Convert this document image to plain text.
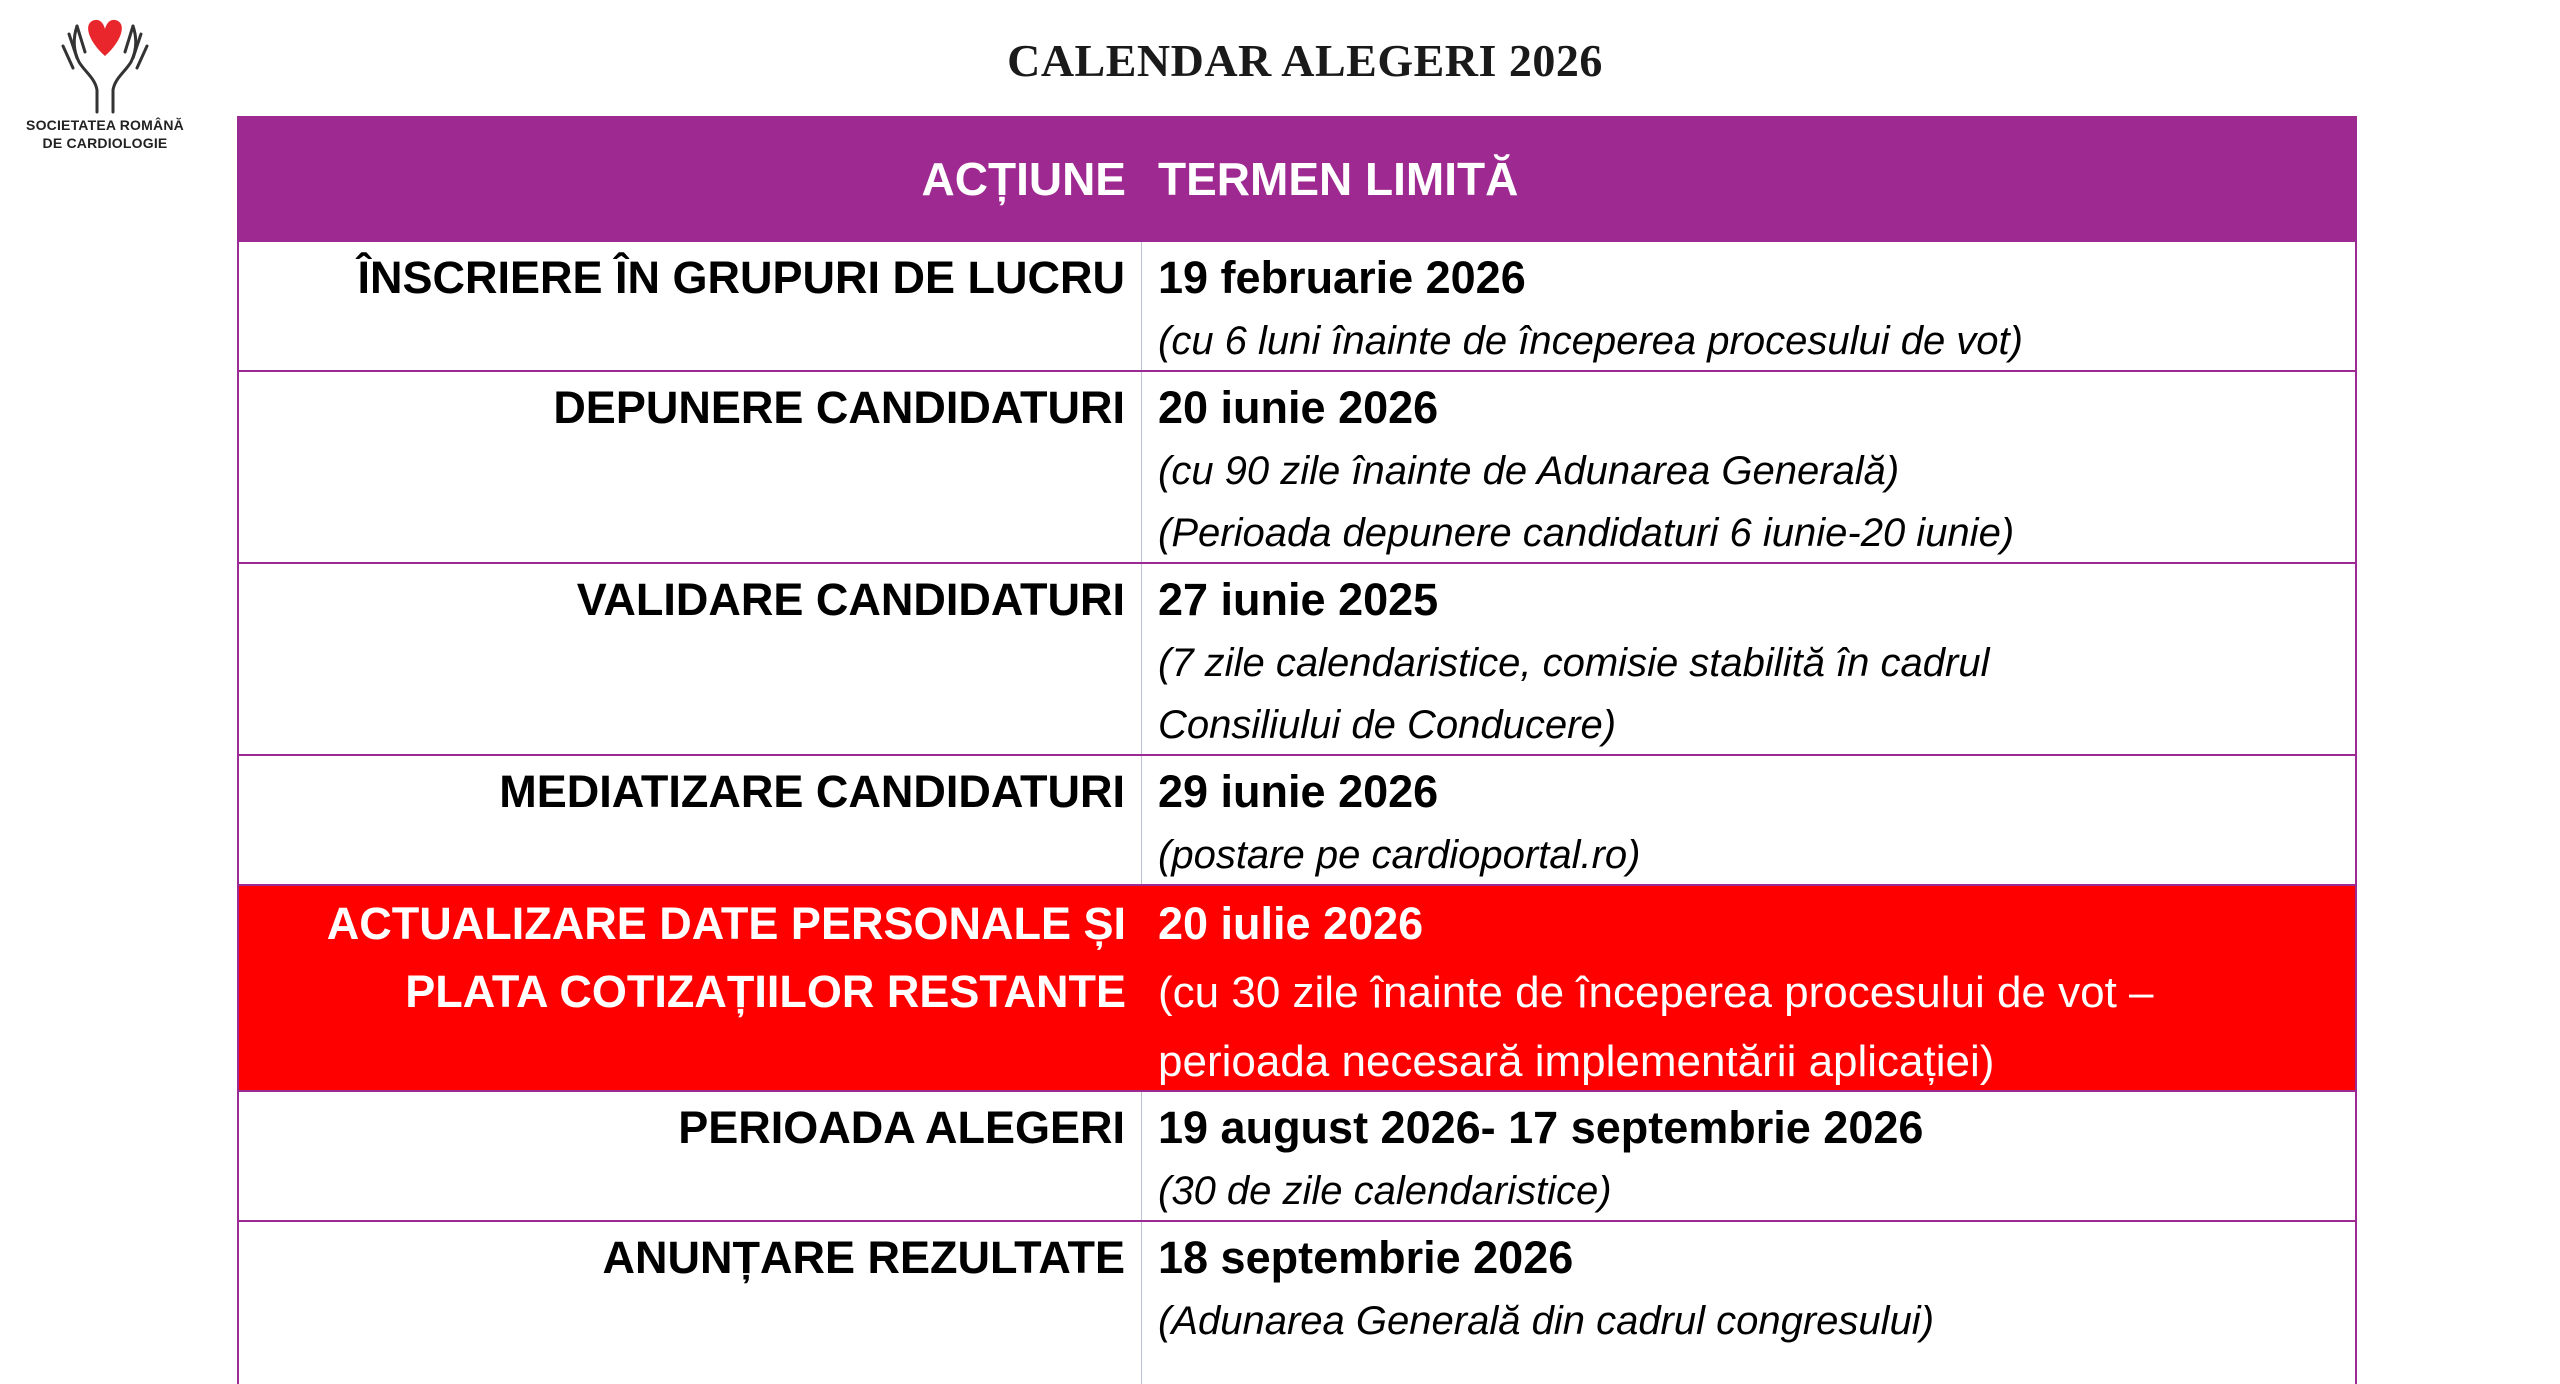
SOCIETATEA ROMÂNĂ
DE CARDIOLOGIE
CALENDAR ALEGERI 2026
ACȚIUNE TERMEN LIMITĂ
ÎNSCRIERE ÎN GRUPURI DE LUCRU 19 februarie 2026
(cu 6 luni înainte de începerea procesului de vot)
DEPUNERE CANDIDATURI 20 iunie 2026
(cu 90 zile înainte de Adunarea Generală)
(Perioada depunere candidaturi 6 iunie-20 iunie)
VALIDARE CANDIDATURI 27 iunie 2025
(7 zile calendaristice, comisie stabilită în cadrul
Consiliului de Conducere)
MEDIATIZARE CANDIDATURI 29 iunie 2026
(postare pe cardioportal.ro)
ACTUALIZARE DATE PERSONALE ȘI
PLATA COTIZAȚIILOR RESTANTE
20 iulie 2026
(cu 30 zile înainte de începerea procesului de vot –
perioada necesară implementării aplicației)
PERIOADA ALEGERI 19 august 2026- 17 septembrie 2026
(30 de zile calendaristice)
ANUNȚARE REZULTATE 18 septembrie 2026
(Adunarea Generală din cadrul congresului)
